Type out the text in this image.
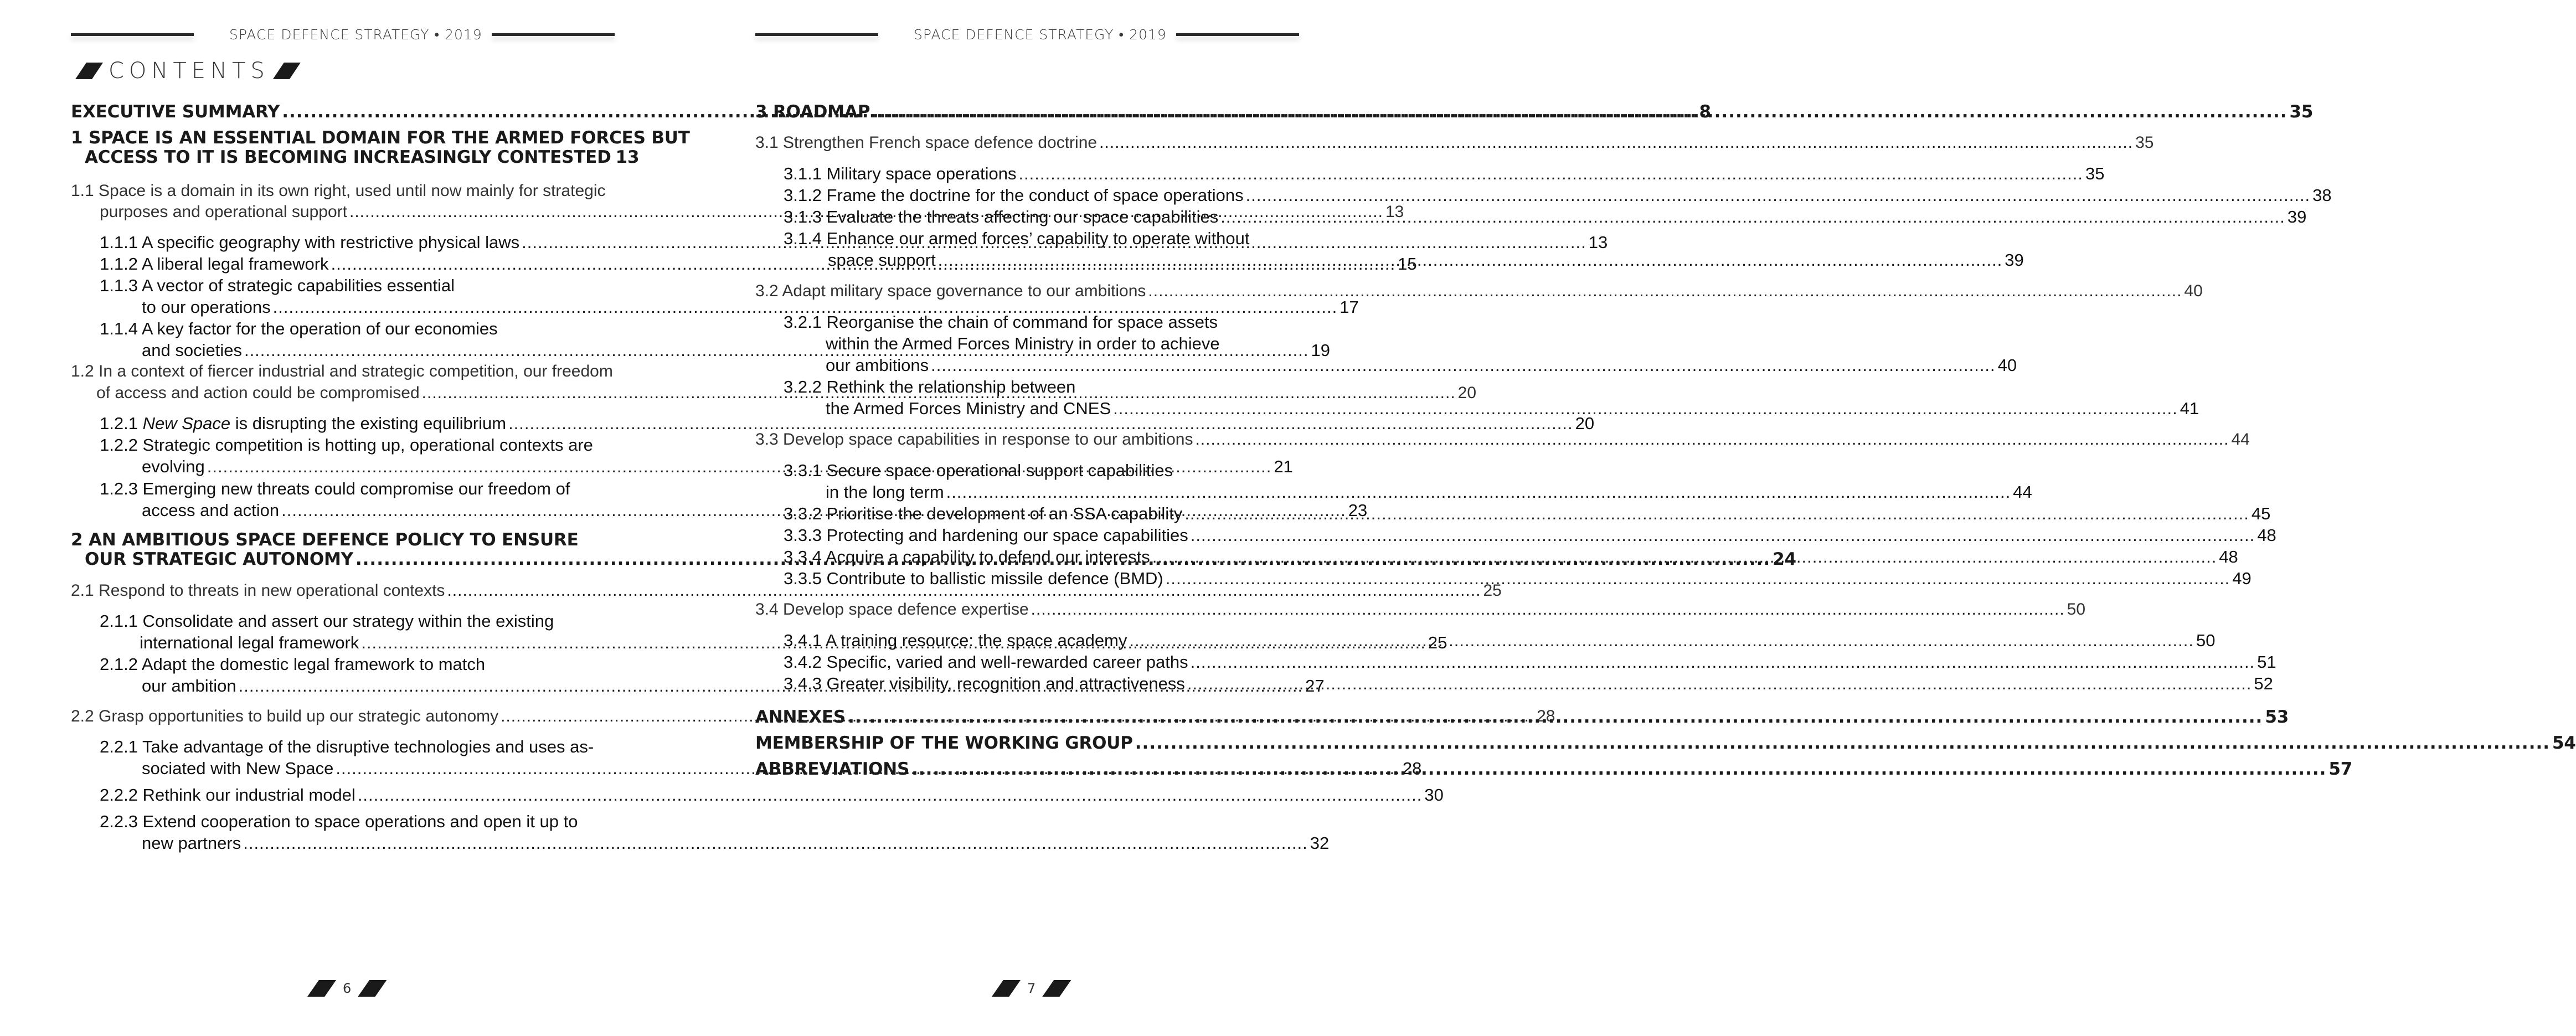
SPACE DEFENCE STRATEGY • 2019
CONTENTS
EXECUTIVE SUMMARY .....	8
1 SPACE IS AN ESSENTIAL DOMAIN FOR THE ARMED FORCES BUT
ACCESS TO IT IS BECOMING INCREASINGLY CONTESTED 13
1.1 Space is a domain in its own right, used until now mainly for strategic
purposes and operational support .....	13
1.1.1 A specific geography with restrictive physical laws .....	13
1.1.2 A liberal legal framework .....	15
1.1.3 A vector of strategic capabilities essential
to our operations .....	17
1.1.4 A key factor for the operation of our economies
and societies .....	19
1.2 In a context of fiercer industrial and strategic competition, our freedom
of access and action could be compromised .....	20
1.2.1 New Space is disrupting the existing equilibrium .....	20
1.2.2 Strategic competition is hotting up, operational contexts are
evolving .....	21
1.2.3 Emerging new threats could compromise our freedom of
access and action .....	23
2 AN AMBITIOUS SPACE DEFENCE POLICY TO ENSURE
OUR STRATEGIC AUTONOMY .....	24
2.1 Respond to threats in new operational contexts .....	25
2.1.1 Consolidate and assert our strategy within the existing
international legal framework .....	25
2.1.2 Adapt the domestic legal framework to match
our ambition .....	27
2.2 Grasp opportunities to build up our strategic autonomy .....	28
2.2.1 Take advantage of the disruptive technologies and uses as-
sociated with New Space .....	28
2.2.2 Rethink our industrial model .....	30
2.2.3 Extend cooperation to space operations and open it up to
new partners .....	32
6
SPACE DEFENCE STRATEGY • 2019
3 ROADMAP .....	35
3.1 Strengthen French space defence doctrine .....	35
3.1.1 Military space operations .....	35
3.1.2 Frame the doctrine for the conduct of space operations .....	38
3.1.3 Evaluate the threats affecting our space capabilities .....	39
3.1.4 Enhance our armed forces’ capability to operate without
space support .....	39
3.2 Adapt military space governance to our ambitions .....	40
3.2.1 Reorganise the chain of command for space assets
within the Armed Forces Ministry in order to achieve
our ambitions .....	40
3.2.2 Rethink the relationship between
the Armed Forces Ministry and CNES .....	41
3.3 Develop space capabilities in response to our ambitions .....	44
3.3.1 Secure space operational support capabilities
in the long term .....	44
3.3.2 Prioritise the development of an SSA capability .....	45
3.3.3 Protecting and hardening our space capabilities .....	48
3.3.4 Acquire a capability to defend our interests .....	48
3.3.5 Contribute to ballistic missile defence (BMD) .....	49
3.4 Develop space defence expertise .....	50
3.4.1 A training resource: the space academy .....	50
3.4.2 Specific, varied and well-rewarded career paths .....	51
3.4.3 Greater visibility, recognition and attractiveness .....	52
ANNEXES .....	53
MEMBERSHIP OF THE WORKING GROUP .....	54
ABBREVIATIONS .....	57
7
